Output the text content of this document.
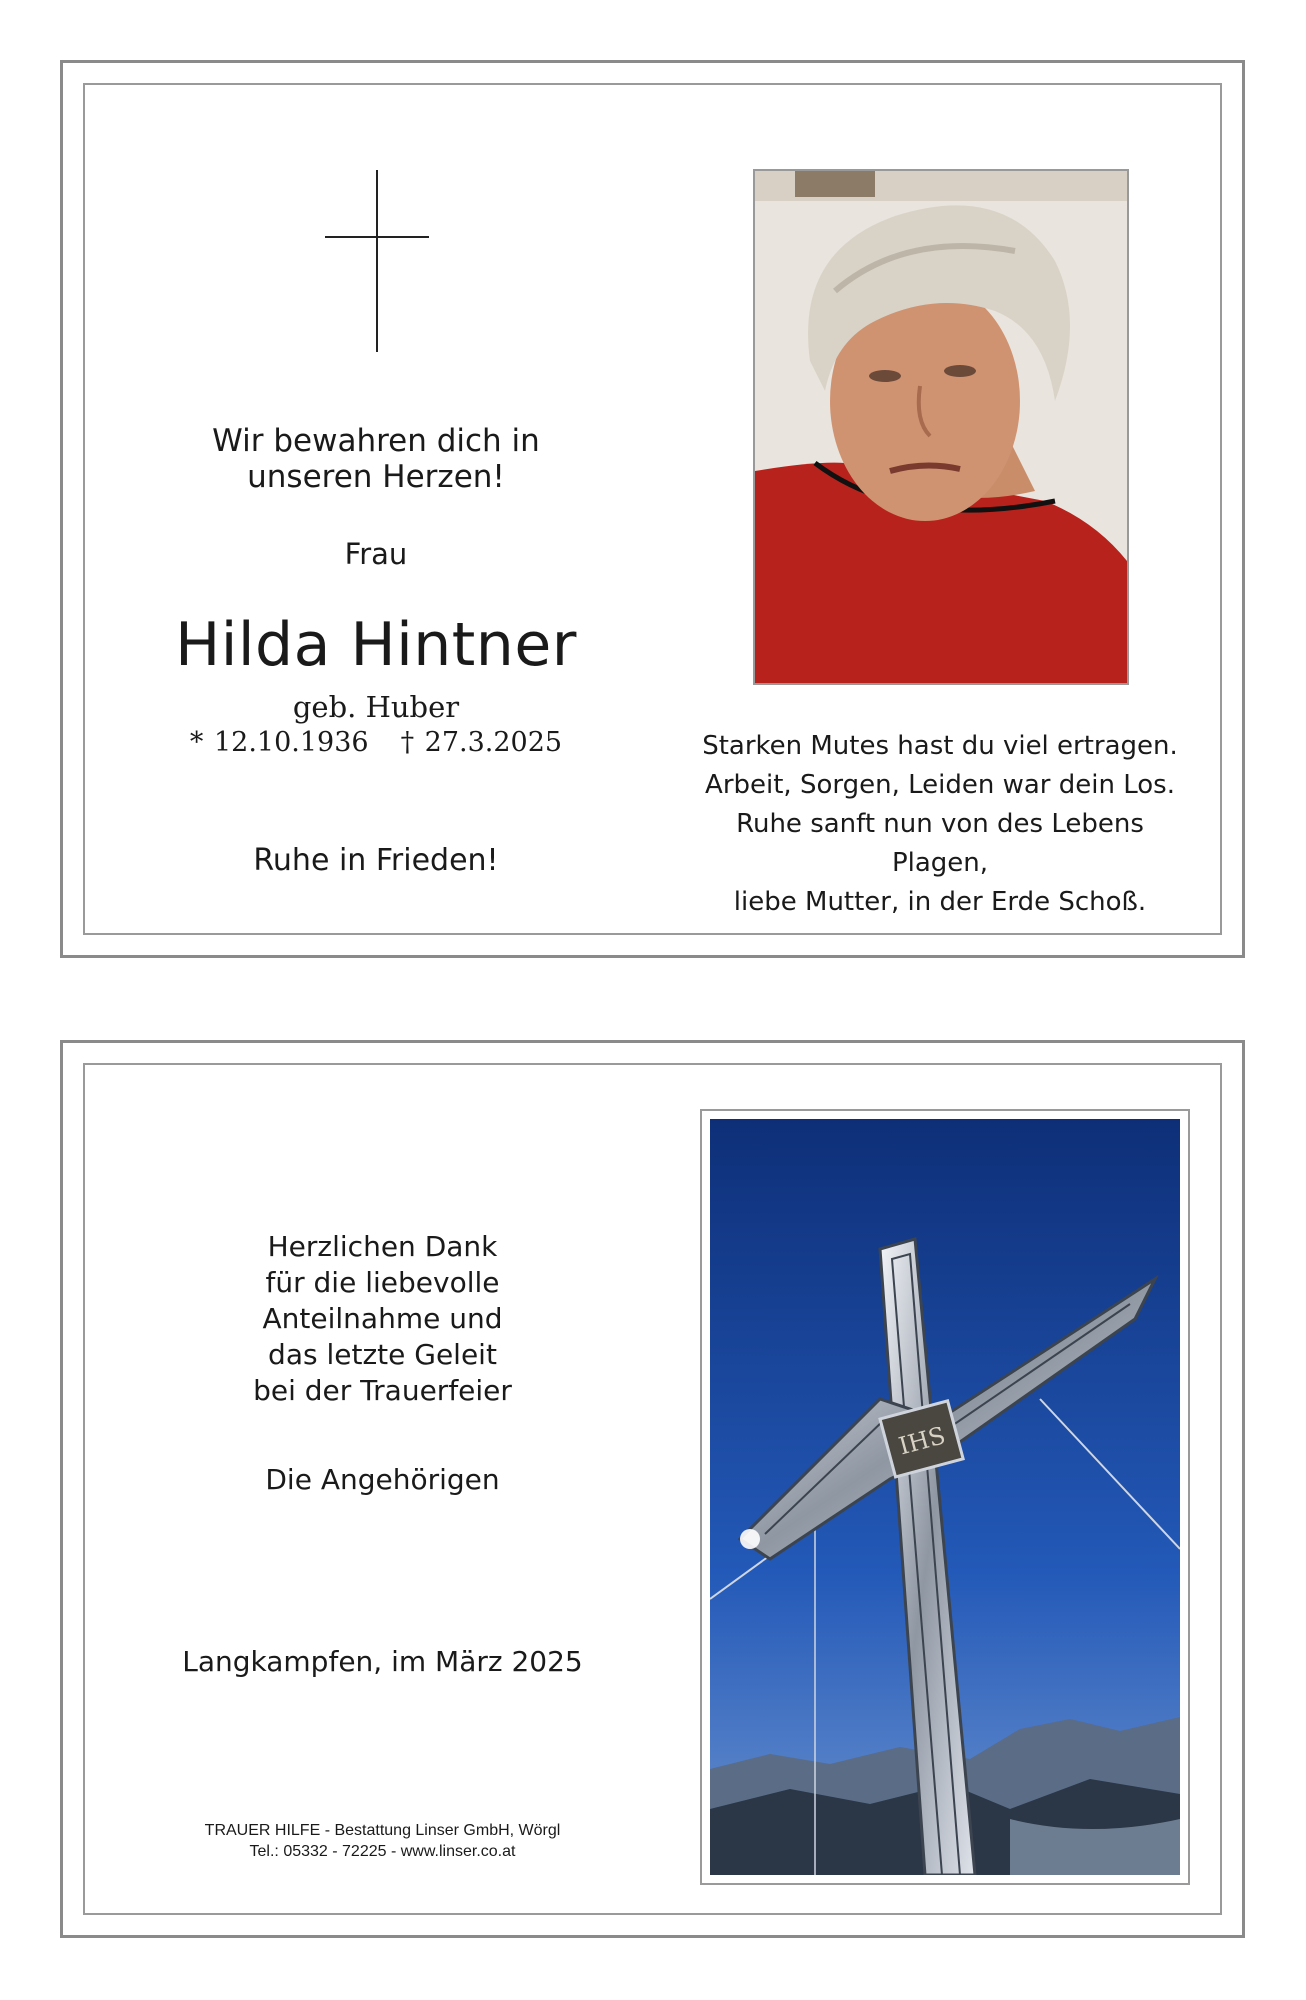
Wir bewahren dich in
unseren Herzen!
Frau
Hilda Hintner
geb. Huber
* 12.10.1936 † 27.3.2025
Ruhe in Frieden!
Starken Mutes hast du viel ertragen.
Arbeit, Sorgen, Leiden war dein Los.
Ruhe sanft nun von des Lebens Plagen,
liebe Mutter, in der Erde Schoß.
Herzlichen Dank
für die liebevolle
Anteilnahme und
das letzte Geleit
bei der Trauerfeier
Die Angehörigen
Langkampfen, im März 2025
TRAUER HILFE - Bestattung Linser GmbH, Wörgl
Tel.: 05332 - 72225 - www.linser.co.at
IHS
